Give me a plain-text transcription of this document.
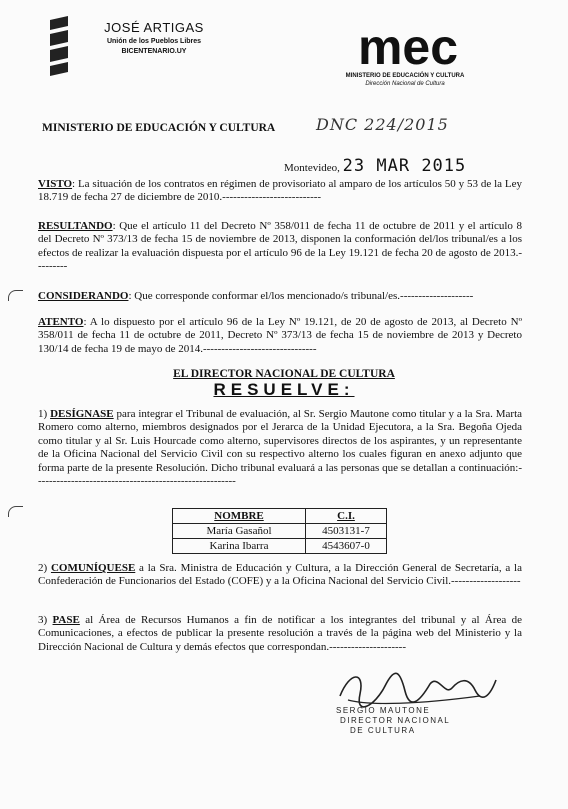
JOSÉ ARTIGAS
Unión de los Pueblos Libres
BICENTENARIO.UY	mec
MINISTERIO DE EDUCACIÓN Y CULTURA
Dirección Nacional de Cultura
MINISTERIO DE EDUCACIÓN Y CULTURA	DNC 224/2015
Montevideo, 23 MAR 2015
VISTO: La situación de los contratos en régimen de provisoriato al amparo de los artículos 50 y 53 de la Ley 18.719 de fecha 27 de diciembre de 2010.---------------------------
RESULTANDO: Que el artículo 11 del Decreto Nº 358/011 de fecha 11 de octubre de 2011 y el artículo 8 del Decreto Nº 373/13 de fecha 15 de noviembre de 2013, disponen la conformación del/los tribunal/es a los efectos de realizar la evaluación dispuesta por el artículo 96 de la Ley 19.121 de fecha 20 de agosto de 2013.---------
CONSIDERANDO: Que corresponde conformar el/los mencionado/s tribunal/es.--------------------
ATENTO: A lo dispuesto por el artículo 96 de la Ley Nº 19.121, de 20 de agosto de 2013, al Decreto Nº 358/011 de fecha 11 de octubre de 2011, Decreto Nº 373/13 de fecha 15 de noviembre de 2013 y Decreto 130/14 de fecha 19 de mayo de 2014.-------------------------------
EL DIRECTOR NACIONAL DE CULTURA
RESUELVE:
1) DESÍGNASE para integrar el Tribunal de evaluación, al Sr. Sergio Mautone como titular y a la Sra. Marta Romero como alterno, miembros designados por el Jerarca de la Unidad Ejecutora, a la Sra. Begoña Ojeda como titular y al Sr. Luis Hourcade como alterno, supervisores directos de los aspirantes, y un representante de la Oficina Nacional del Servicio Civil con su respectivo alterno los cuales figuran en anexo adjunto que forma parte de la presente Resolución. Dicho tribunal evaluará a las personas que se detallan a continuación:-------------------------------------------------------
NOMBRE	C.I.
María Gasañol	4503131-7
Karina Ibarra	4543607-0
2) COMUNÍQUESE a la Sra. Ministra de Educación y Cultura, a la Dirección General de Secretaría, a la Confederación de Funcionarios del Estado (COFE) y a la Oficina Nacional del Servicio Civil.-------------------
3) PASE al Área de Recursos Humanos a fin de notificar a los integrantes del tribunal y al Área de Comunicaciones, a efectos de publicar la presente resolución a través de la página web del Ministerio y la Dirección Nacional de Cultura y demás efectos que correspondan.---------------------
SERGIO MAUTONE
DIRECTOR NACIONAL
DE CULTURA
